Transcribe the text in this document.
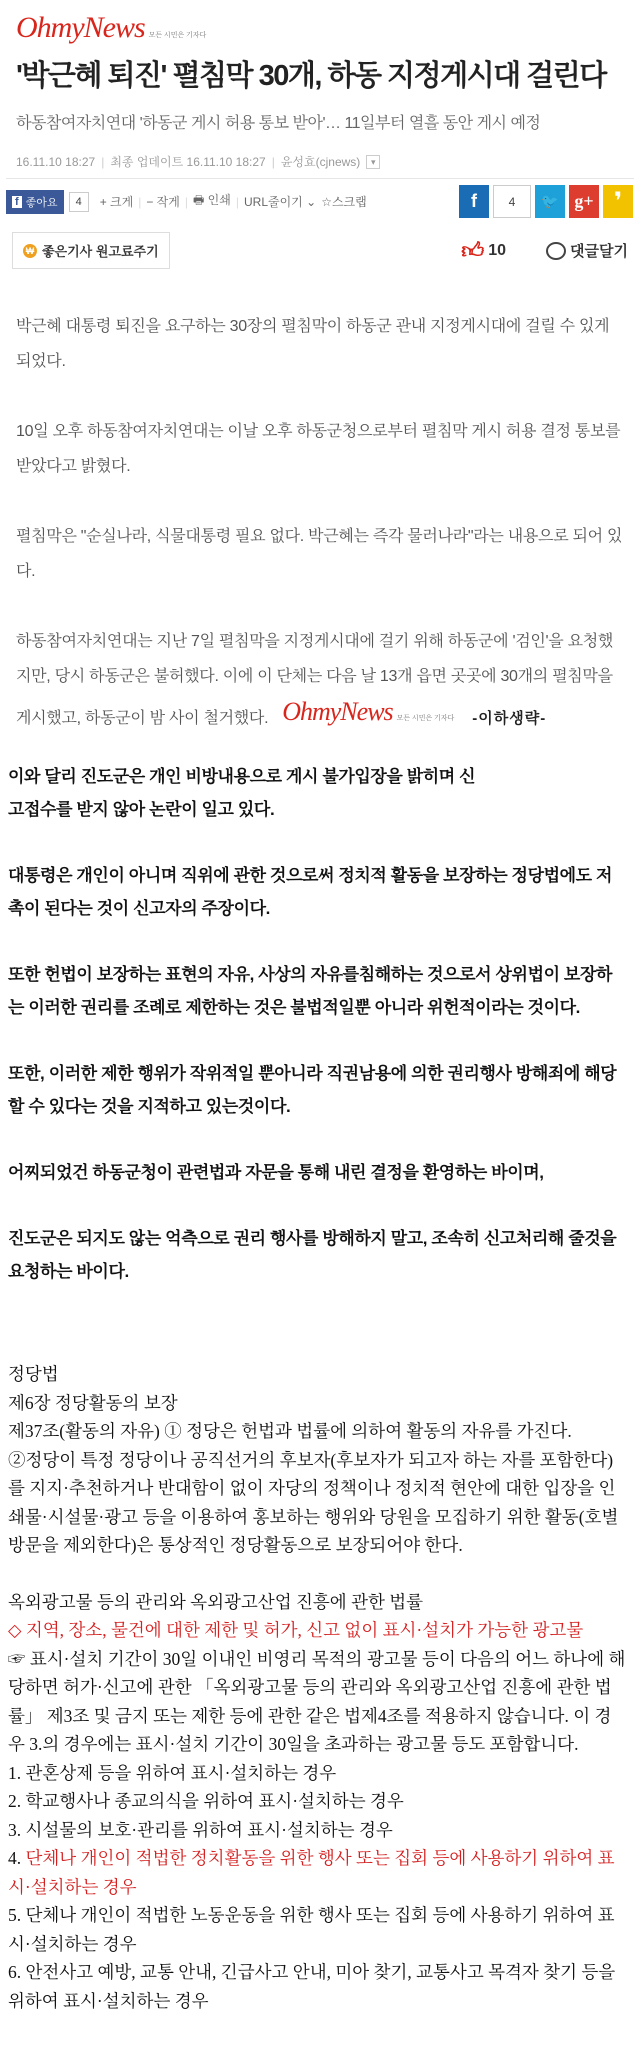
OhmyNews 모든 시민은 기자다
'박근혜 퇴진' 펼침막 30개, 하동 지정게시대 걸린다
하동참여자치연대 '하동군 게시 허용 통보 받아'… 11일부터 열흘 동안 게시 예정
16.11.10 18:27 | 최종 업데이트 16.11.10 18:27 | 윤성효(cjnews)	▾
f 좋아요	4	+ 크게 | − 작게 | 🖶 인쇄 | URL줄이기 ⌄ ☆스크랩	f	4	🐦 g+ ❜
₩ 좋은기사 원고료주기	👍︎ 10	댓글달기

박근혜 대통령 퇴진을 요구하는 30장의 펼침막이 하동군 관내 지정게시대에 걸릴 수 있게 되었다.

10일 오후 하동참여자치연대는 이날 오후 하동군청으로부터 펼침막 게시 허용 결정 통보를 받았다고 밝혔다.

펼침막은 "순실나라, 식물대통령 필요 없다. 박근혜는 즉각 물러나라"라는 내용으로 되어 있다.

하동참여자치연대는 지난 7일 펼침막을 지정게시대에 걸기 위해 하동군에 '검인'을 요청했지만, 당시 하동군은 불허했다. 이에 이 단체는 다음 날 13개 읍면 곳곳에 30개의 펼침막을 게시했고, 하동군이 밤 사이 철거했다. OhmyNews 모든 시민은 기자다 -이하생략-

이와 달리 진도군은 개인 비방내용으로 게시 불가입장을 밝히며 신고접수를 받지 않아 논란이 일고 있다.

대통령은 개인이 아니며 직위에 관한 것으로써 정치적 활동을 보장하는 정당법에도 저촉이 된다는 것이 신고자의 주장이다.

또한 헌법이 보장하는 표현의 자유, 사상의 자유를침해하는 것으로서 상위법이 보장하는 이러한 권리를 조례로 제한하는 것은 불법적일뿐 아니라 위헌적이라는 것이다.

또한, 이러한 제한 행위가 작위적일 뿐아니라 직권남용에 의한 권리행사 방해죄에 해당할 수 있다는 것을 지적하고 있는것이다.

어찌되었건 하동군청이 관련법과 자문을 통해 내린 결정을 환영하는 바이며,

진도군은 되지도 않는 억측으로 권리 행사를 방해하지 말고, 조속히 신고처리해 줄것을 요청하는 바이다.

정당법
제6장 정당활동의 보장
제37조(활동의 자유) ① 정당은 헌법과 법률에 의하여 활동의 자유를 가진다.
②정당이 특정 정당이나 공직선거의 후보자(후보자가 되고자 하는 자를 포함한다)를 지지·추천하거나 반대함이 없이 자당의 정책이나 정치적 현안에 대한 입장을 인쇄물·시설물·광고 등을 이용하여 홍보하는 행위와 당원을 모집하기 위한 활동(호별방문을 제외한다)은 통상적인 정당활동으로 보장되어야 한다.
옥외광고물 등의 관리와 옥외광고산업 진흥에 관한 법률
◇ 지역, 장소, 물건에 대한 제한 및 허가, 신고 없이 표시·설치가 가능한 광고물
☞ 표시·설치 기간이 30일 이내인 비영리 목적의 광고물 등이 다음의 어느 하나에 해당하면 허가·신고에 관한 「옥외광고물 등의 관리와 옥외광고산업 진흥에 관한 법률」 제3조 및 금지 또는 제한 등에 관한 같은 법제4조를 적용하지 않습니다. 이 경우 3.의 경우에는 표시·설치 기간이 30일을 초과하는 광고물 등도 포함합니다.
1. 관혼상제 등을 위하여 표시·설치하는 경우
2. 학교행사나 종교의식을 위하여 표시·설치하는 경우
3. 시설물의 보호·관리를 위하여 표시·설치하는 경우
4. 단체나 개인이 적법한 정치활동을 위한 행사 또는 집회 등에 사용하기 위하여 표시·설치하는 경우
5. 단체나 개인이 적법한 노동운동을 위한 행사 또는 집회 등에 사용하기 위하여 표시·설치하는 경우
6. 안전사고 예방, 교통 안내, 긴급사고 안내, 미아 찾기, 교통사고 목격자 찾기 등을 위하여 표시·설치하는 경우
